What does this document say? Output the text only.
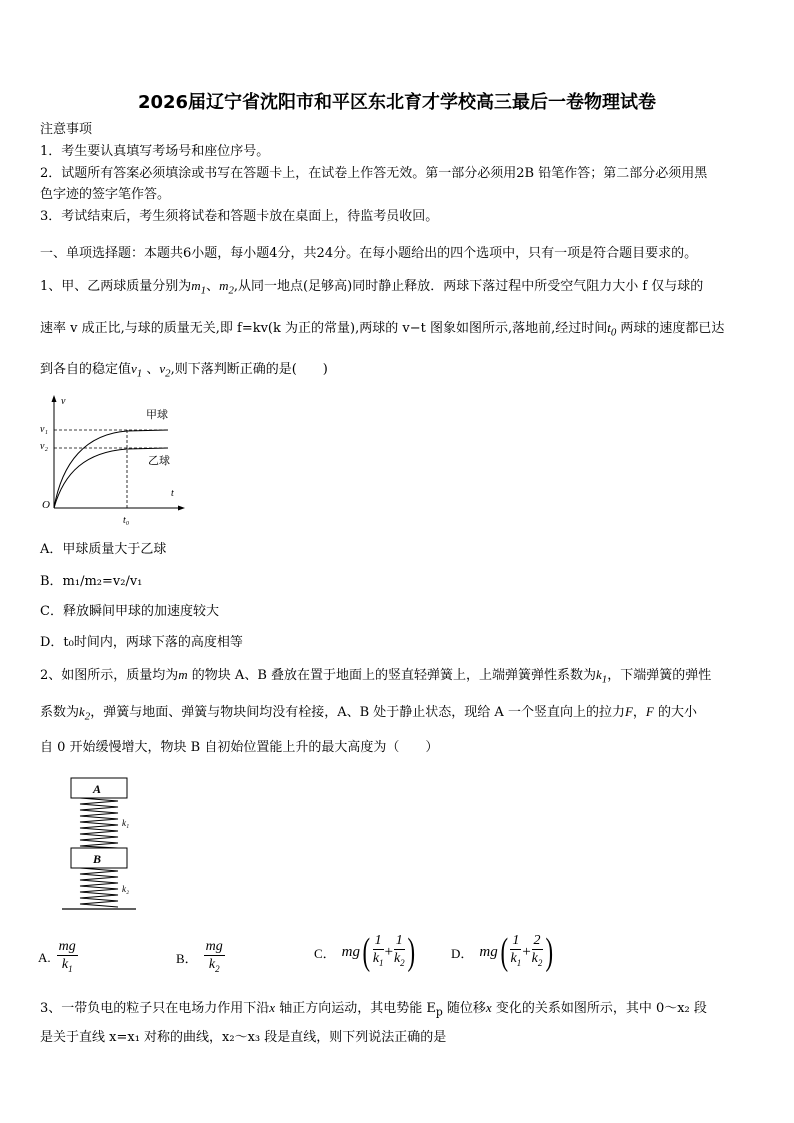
2026届辽宁省沈阳市和平区东北育才学校高三最后一卷物理试卷
注意事项
1．考生要认真填写考场号和座位序号。
2．试题所有答案必须填涂或书写在答题卡上，在试卷上作答无效。第一部分必须用2B 铅笔作答；第二部分必须用黑
色字迹的签字笔作答。
3．考试结束后，考生须将试卷和答题卡放在桌面上，待监考员收回。
一、单项选择题：本题共6小题，每小题4分，共24分。在每小题给出的四个选项中，只有一项是符合题目要求的。
1、甲、乙两球质量分别为$m_1$、$m_2$,从同一地点(足够高)同时静止释放．两球下落过程中所受空气阻力大小 f 仅与球的
速率 v 成正比,与球的质量无关,即 f=kv(k 为正的常量),两球的 v−t 图象如图所示,落地前,经过时间$t_0$ 两球的速度都已达
到各自的稳定值$v_1$ 、$v_2$,则下落判断正确的是(　　)
v
t
O
v₁
v₂
t₀
甲球
乙球
A．甲球质量大于乙球
B．m₁/m₂=v₂/v₁
C．释放瞬间甲球的加速度较大
D．t₀时间内，两球下落的高度相等
2、如图所示，质量均为m 的物块 A、B 叠放在置于地面上的竖直轻弹簧上，上端弹簧弹性系数为$k_1$，下端弹簧的弹性
系数为$k_2$，弹簧与地面、弹簧与物块间均没有栓接，A、B 处于静止状态，现给 A 一个竖直向上的拉力F，F 的大小
自 0 开始缓慢增大，物块 B 自初始位置能上升的最大高度为（　　）
A
k₁
B
k₂
A. $\frac{mg}{k_1}$	B． $\frac{mg}{k_2}$	C． $mg( \frac{1}{k_1} + \frac{1}{k_2}$ )	D． $mg( \frac{1}{k_1} + \frac{2}{k_2}$ )
3、一带负电的粒子只在电场力作用下沿x 轴正方向运动，其电势能 $E_p$ 随位移x 变化的关系如图所示，其中 0～x₂ 段
是关于直线 x=x₁ 对称的曲线，x₂～x₃ 段是直线，则下列说法正确的是
